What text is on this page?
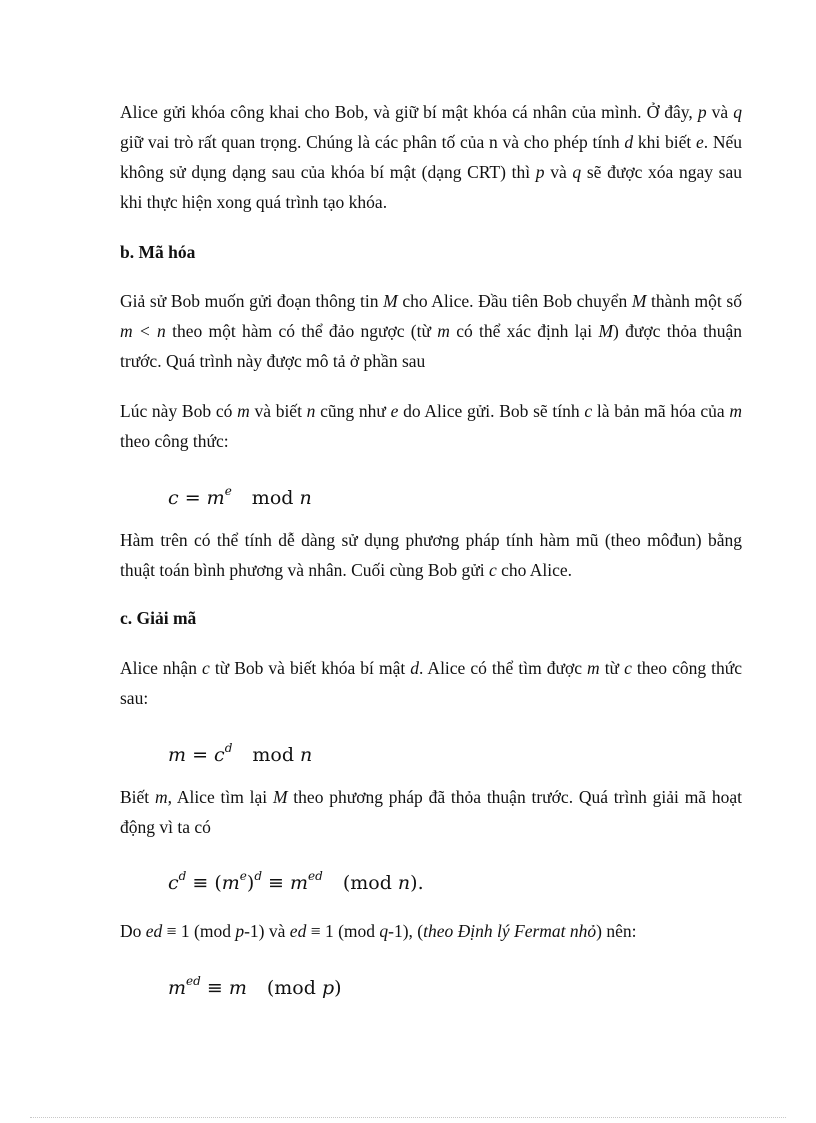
Alice gửi khóa công khai cho Bob, và giữ bí mật khóa cá nhân của mình. Ở đây, p và q giữ vai trò rất quan trọng. Chúng là các phân tố của n và cho phép tính d khi biết e. Nếu không sử dụng dạng sau của khóa bí mật (dạng CRT) thì p và q sẽ được xóa ngay sau khi thực hiện xong quá trình tạo khóa.
b. Mã hóa
Giả sử Bob muốn gửi đoạn thông tin M cho Alice. Đầu tiên Bob chuyển M thành một số m < n theo một hàm có thể đảo ngược (từ m có thể xác định lại M) được thỏa thuận trước. Quá trình này được mô tả ở phần sau
Lúc này Bob có m và biết n cũng như e do Alice gửi. Bob sẽ tính c là bản mã hóa của m theo công thức:
$c = m^e$ mod n
Hàm trên có thể tính dễ dàng sử dụng phương pháp tính hàm mũ (theo môđun) bằng thuật toán bình phương và nhân. Cuối cùng Bob gửi c cho Alice.
c. Giải mã
Alice nhận c từ Bob và biết khóa bí mật d. Alice có thể tìm được m từ c theo công thức sau:
$m = c^d$ mod n
Biết m, Alice tìm lại M theo phương pháp đã thỏa thuận trước. Quá trình giải mã hoạt động vì ta có
$c^d \equiv (m^e)^d \equiv m^{ed}$ (mod n).
Do ed ≡ 1 (mod p-1) và ed ≡ 1 (mod q-1), (theo Định lý Fermat nhỏ) nên:
$m^{ed} \equiv m$ (mod p)
